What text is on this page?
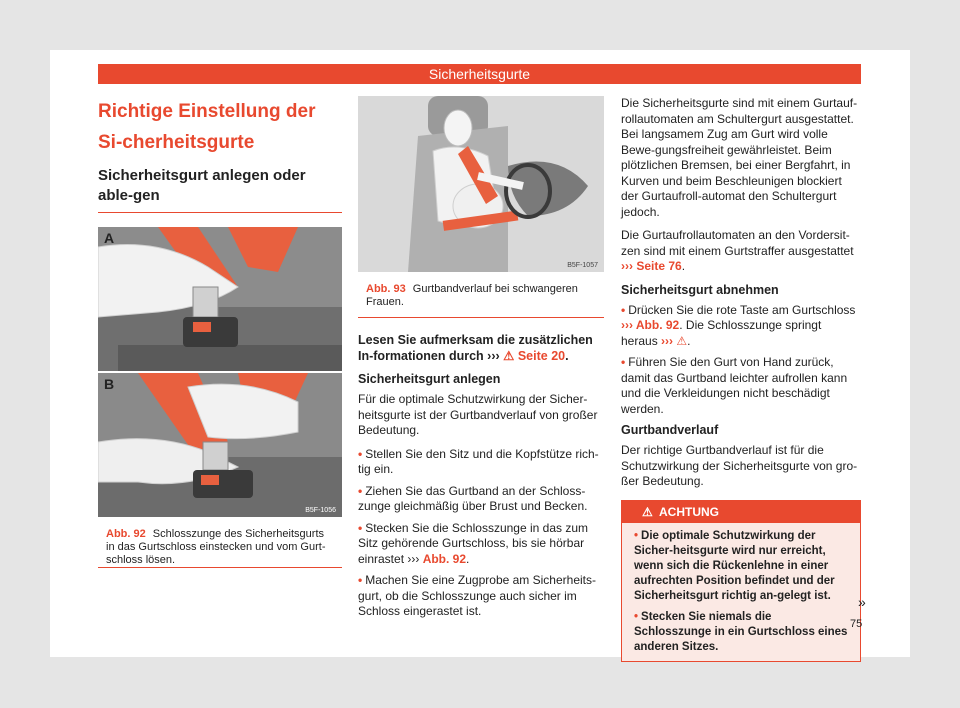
Sicherheitsgurte
Richtige Einstellung der Si-cherheitsgurte
Sicherheitsgurt anlegen oder able-gen
A
B
B5F-1056
Abb. 92 Schlosszunge des Sicherheitsgurts in das Gurtschloss einstecken und vom Gurt-schloss lösen.
B5F-1057
Abb. 93 Gurtbandverlauf bei schwangeren Frauen.

Lesen Sie aufmerksam die zusätzlichen In-formationen durch ››› ⚠ Seite 20.

Sicherheitsgurt anlegen

Für die optimale Schutzwirkung der Sicher-heitsgurte ist der Gurtbandverlauf von großer Bedeutung.

• Stellen Sie den Sitz und die Kopfstütze rich-tig ein.

• Ziehen Sie das Gurtband an der Schloss-zunge gleichmäßig über Brust und Becken.

• Stecken Sie die Schlosszunge in das zum Sitz gehörende Gurtschloss, bis sie hörbar einrastet ››› Abb. 92.

• Machen Sie eine Zugprobe am Sicherheits-gurt, ob die Schlosszunge auch sicher im Schloss eingerastet ist.

Die Sicherheitsgurte sind mit einem Gurtauf-rollautomaten am Schultergurt ausgestattet. Bei langsamem Zug am Gurt wird volle Bewe-gungsfreiheit gewährleistet. Beim plötzlichen Bremsen, bei einer Bergfahrt, in Kurven und beim Beschleunigen blockiert der Gurtaufroll-automat den Schultergurt jedoch.

Die Gurtaufrollautomaten an den Vordersit-zen sind mit einem Gurtstraffer ausgestattet ››› Seite 76.

Sicherheitsgurt abnehmen

• Drücken Sie die rote Taste am Gurtschloss ››› Abb. 92. Die Schlosszunge springt heraus ››› ⚠.

• Führen Sie den Gurt von Hand zurück, damit das Gurtband leichter aufrollen kann und die Verkleidungen nicht beschädigt werden.

Gurtbandverlauf

Der richtige Gurtbandverlauf ist für die Schutzwirkung der Sicherheitsgurte von gro-ßer Bedeutung.

⚠ ACHTUNG

• Die optimale Schutzwirkung der Sicher-heitsgurte wird nur erreicht, wenn sich die Rückenlehne in einer aufrechten Position befindet und der Sicherheitsgurt richtig an-gelegt ist.

• Stecken Sie niemals die Schlosszunge in ein Gurtschloss eines anderen Sitzes.

»
75
